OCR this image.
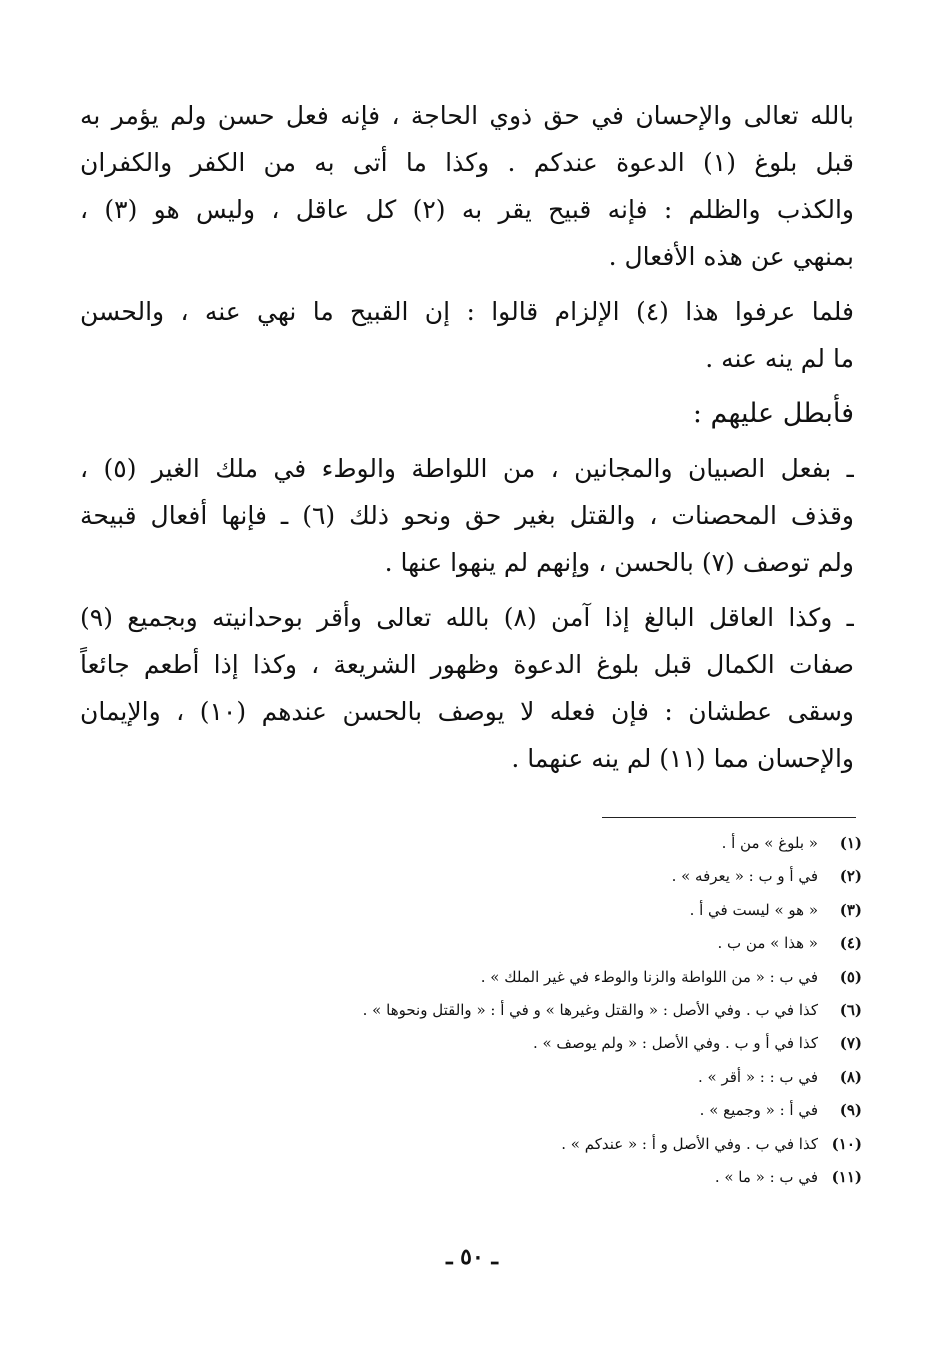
بالله تعالى والإحسان في حق ذوي الحاجة ، فإنه فعل حسن ولم يؤمر به
قبل بلوغ (١) الدعوة عندكم . وكذا ما أتى به من الكفر والكفران
والكذب والظلم : فإنه قبيح يقر به (٢) كل عاقل ، وليس هو (٣) ،
بمنهي عن هذه الأفعال .
فلما عرفوا هذا (٤) الإلزام قالوا : إن القبيح ما نهي عنه ، والحسن
ما لم ينه عنه .
فأبطل عليهم :
ـ بفعل الصبيان والمجانين ، من اللواطة والوطء في ملك الغير (٥) ،
وقذف المحصنات ، والقتل بغير حق ونحو ذلك (٦) ـ فإنها أفعال قبيحة
ولم توصف (٧) بالحسن ، وإنهم لم ينهوا عنها .
ـ وكذا العاقل البالغ إذا آمن (٨) بالله تعالى وأقر بوحدانيته وبجميع (٩)
صفات الكمال قبل بلوغ الدعوة وظهور الشريعة ، وكذا إذا أطعم جائعاً
وسقى عطشان : فإن فعله لا يوصف بالحسن عندهم (١٠) ، والإيمان
والإحسان مما (١١) لم ينه عنهما .
(١)
« بلوغ » من أ .
(٢)
في أ و ب : « يعرفه » .
(٣)
« هو » ليست في أ .
(٤)
« هذا » من ب .
(٥)
في ب : « من اللواطة والزنا والوطء في غير الملك » .
(٦)
كذا في ب . وفي الأصل : « والقتل وغيرها » و في أ : « والقتل ونحوها » .
(٧)
كذا في أ و ب . وفي الأصل : « ولم يوصف » .
(٨)
في ب : : « أقر » .
(٩)
في أ : « وجميع » .
(١٠)
كذا في ب . وفي الأصل و أ : « عندكم » .
(١١)
في ب : « ما » .
ـ ٥٠ ـ
